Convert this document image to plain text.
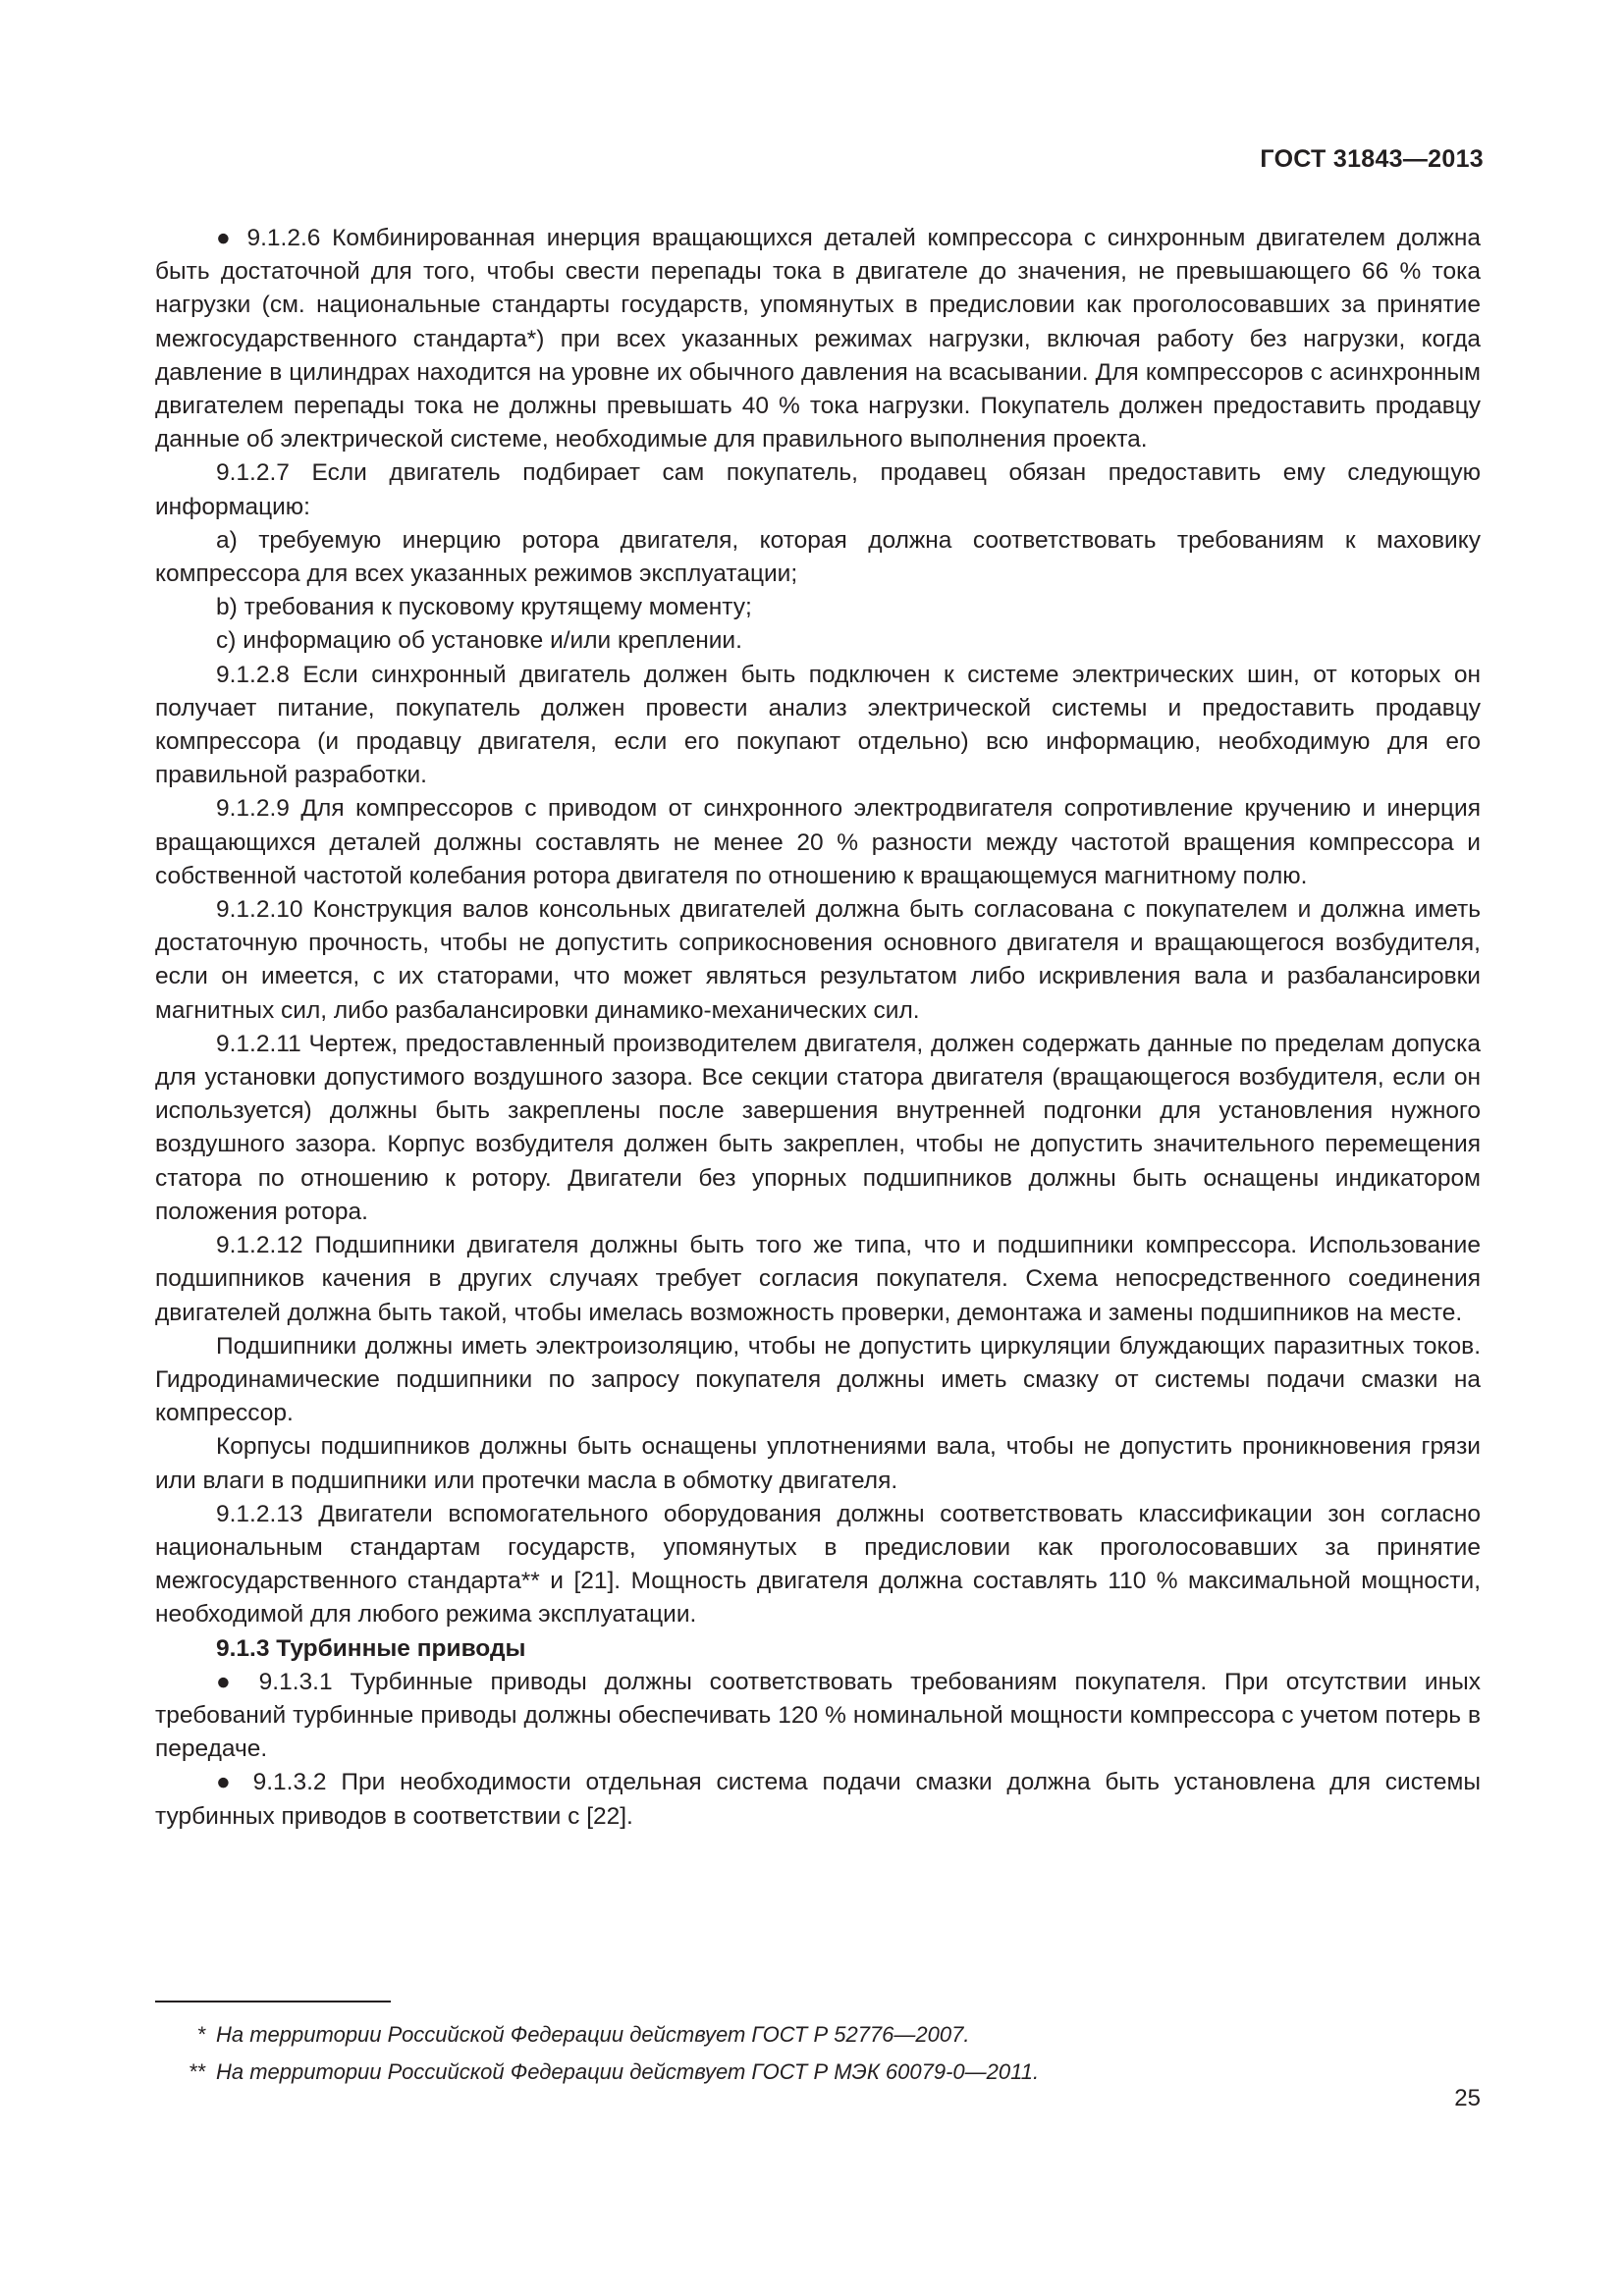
ГОСТ 31843—2013

● 9.1.2.6 Комбинированная инерция вращающихся деталей компрессора с синхронным двигателем должна быть достаточной для того, чтобы свести перепады тока в двигателе до значения, не превышающего 66 % тока нагрузки (см. национальные стандарты государств, упомянутых в предисловии как проголосовавших за принятие межгосударственного стандарта*) при всех указанных режимах нагрузки, включая работу без нагрузки, когда давление в цилиндрах находится на уровне их обычного давления на всасывании. Для компрессоров с асинхронным двигателем перепады тока не должны превышать 40 % тока нагрузки. Покупатель должен предоставить продавцу данные об электрической системе, необходимые для правильного выполнения проекта.

9.1.2.7 Если двигатель подбирает сам покупатель, продавец обязан предоставить ему следующую информацию:

a) требуемую инерцию ротора двигателя, которая должна соответствовать требованиям к маховику компрессора для всех указанных режимов эксплуатации;

b) требования к пусковому крутящему моменту;

c) информацию об установке и/или креплении.

9.1.2.8 Если синхронный двигатель должен быть подключен к системе электрических шин, от которых он получает питание, покупатель должен провести анализ электрической системы и предоставить продавцу компрессора (и продавцу двигателя, если его покупают отдельно) всю информацию, необходимую для его правильной разработки.

9.1.2.9 Для компрессоров с приводом от синхронного электродвигателя сопротивление кручению и инерция вращающихся деталей должны составлять не менее 20 % разности между частотой вращения компрессора и собственной частотой колебания ротора двигателя по отношению к вращающемуся магнитному полю.

9.1.2.10 Конструкция валов консольных двигателей должна быть согласована с покупателем и должна иметь достаточную прочность, чтобы не допустить соприкосновения основного двигателя и вращающегося возбудителя, если он имеется, с их статорами, что может являться результатом либо искривления вала и разбалансировки магнитных сил, либо разбалансировки динамико-механических сил.

9.1.2.11 Чертеж, предоставленный производителем двигателя, должен содержать данные по пределам допуска для установки допустимого воздушного зазора. Все секции статора двигателя (вращающегося возбудителя, если он используется) должны быть закреплены после завершения внутренней подгонки для установления нужного воздушного зазора. Корпус возбудителя должен быть закреплен, чтобы не допустить значительного перемещения статора по отношению к ротору. Двигатели без упорных подшипников должны быть оснащены индикатором положения ротора.

9.1.2.12 Подшипники двигателя должны быть того же типа, что и подшипники компрессора. Использование подшипников качения в других случаях требует согласия покупателя. Схема непосредственного соединения двигателей должна быть такой, чтобы имелась возможность проверки, демонтажа и замены подшипников на месте.

Подшипники должны иметь электроизоляцию, чтобы не допустить циркуляции блуждающих паразитных токов. Гидродинамические подшипники по запросу покупателя должны иметь смазку от системы подачи смазки на компрессор.

Корпусы подшипников должны быть оснащены уплотнениями вала, чтобы не допустить проникновения грязи или влаги в подшипники или протечки масла в обмотку двигателя.

9.1.2.13 Двигатели вспомогательного оборудования должны соответствовать классификации зон согласно национальным стандартам государств, упомянутых в предисловии как проголосовавших за принятие межгосударственного стандарта** и [21]. Мощность двигателя должна составлять 110 % максимальной мощности, необходимой для любого режима эксплуатации.

9.1.3 Турбинные приводы

● 9.1.3.1 Турбинные приводы должны соответствовать требованиям покупателя. При отсутствии иных требований турбинные приводы должны обеспечивать 120 % номинальной мощности компрессора с учетом потерь в передаче.

● 9.1.3.2 При необходимости отдельная система подачи смазки должна быть установлена для системы турбинных приводов в соответствии с [22].

* На территории Российской Федерации действует ГОСТ Р 52776—2007.

** На территории Российской Федерации действует ГОСТ Р МЭК 60079-0—2011.

25
